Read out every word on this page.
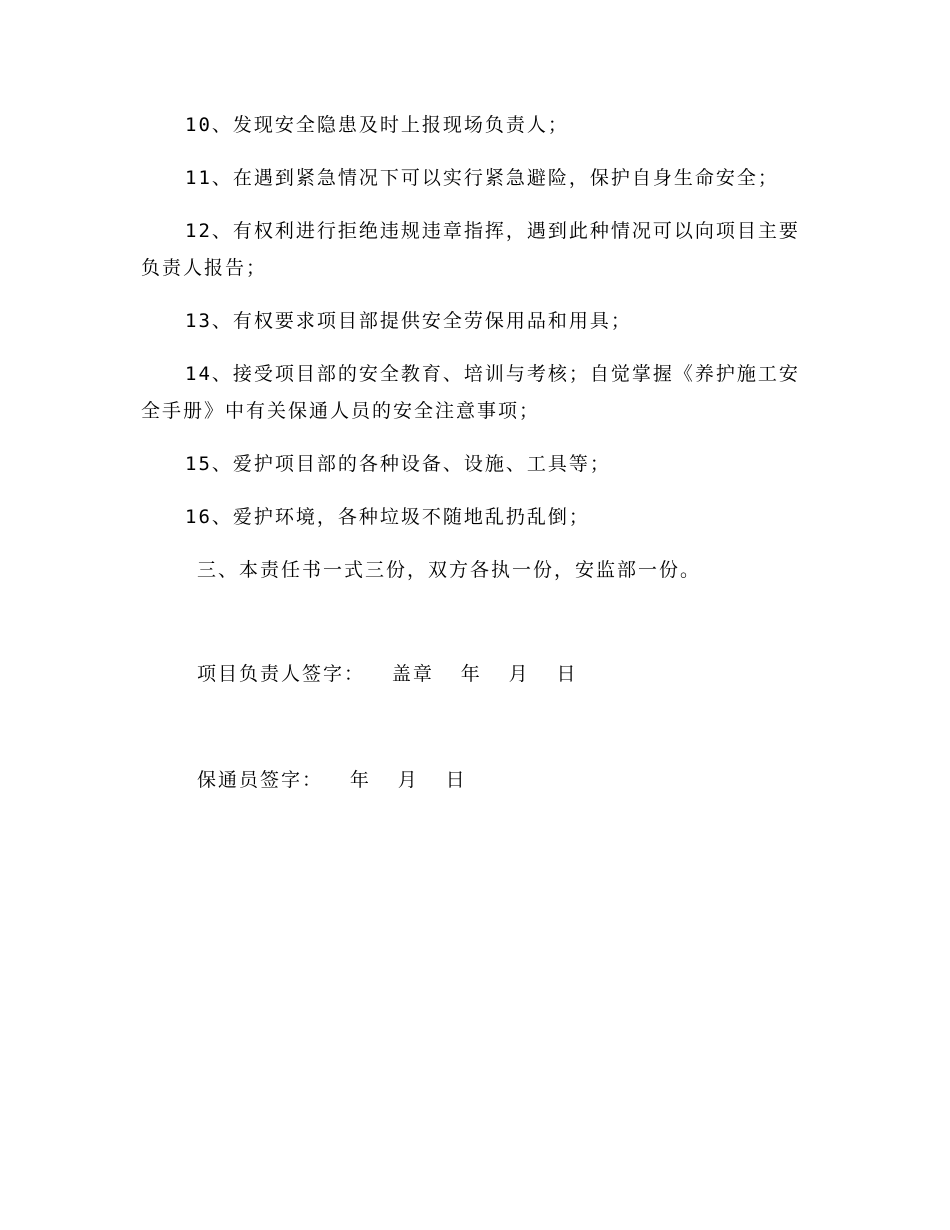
10、发现安全隐患及时上报现场负责人；

11、在遇到紧急情况下可以实行紧急避险，保护自身生命安全；

12、有权利进行拒绝违规违章指挥，遇到此种情况可以向项目主要负责人报告；

13、有权要求项目部提供安全劳保用品和用具；

14、接受项目部的安全教育、培训与考核；自觉掌握《养护施工安全手册》中有关保通人员的安全注意事项；

15、爱护项目部的各种设备、设施、工具等；

16、爱护环境，各种垃圾不随地乱扔乱倒；

三、本责任书一式三份，双方各执一份，安监部一份。

项目负责人签字：  盖章  年  月  日

保通员签字：  年  月  日
